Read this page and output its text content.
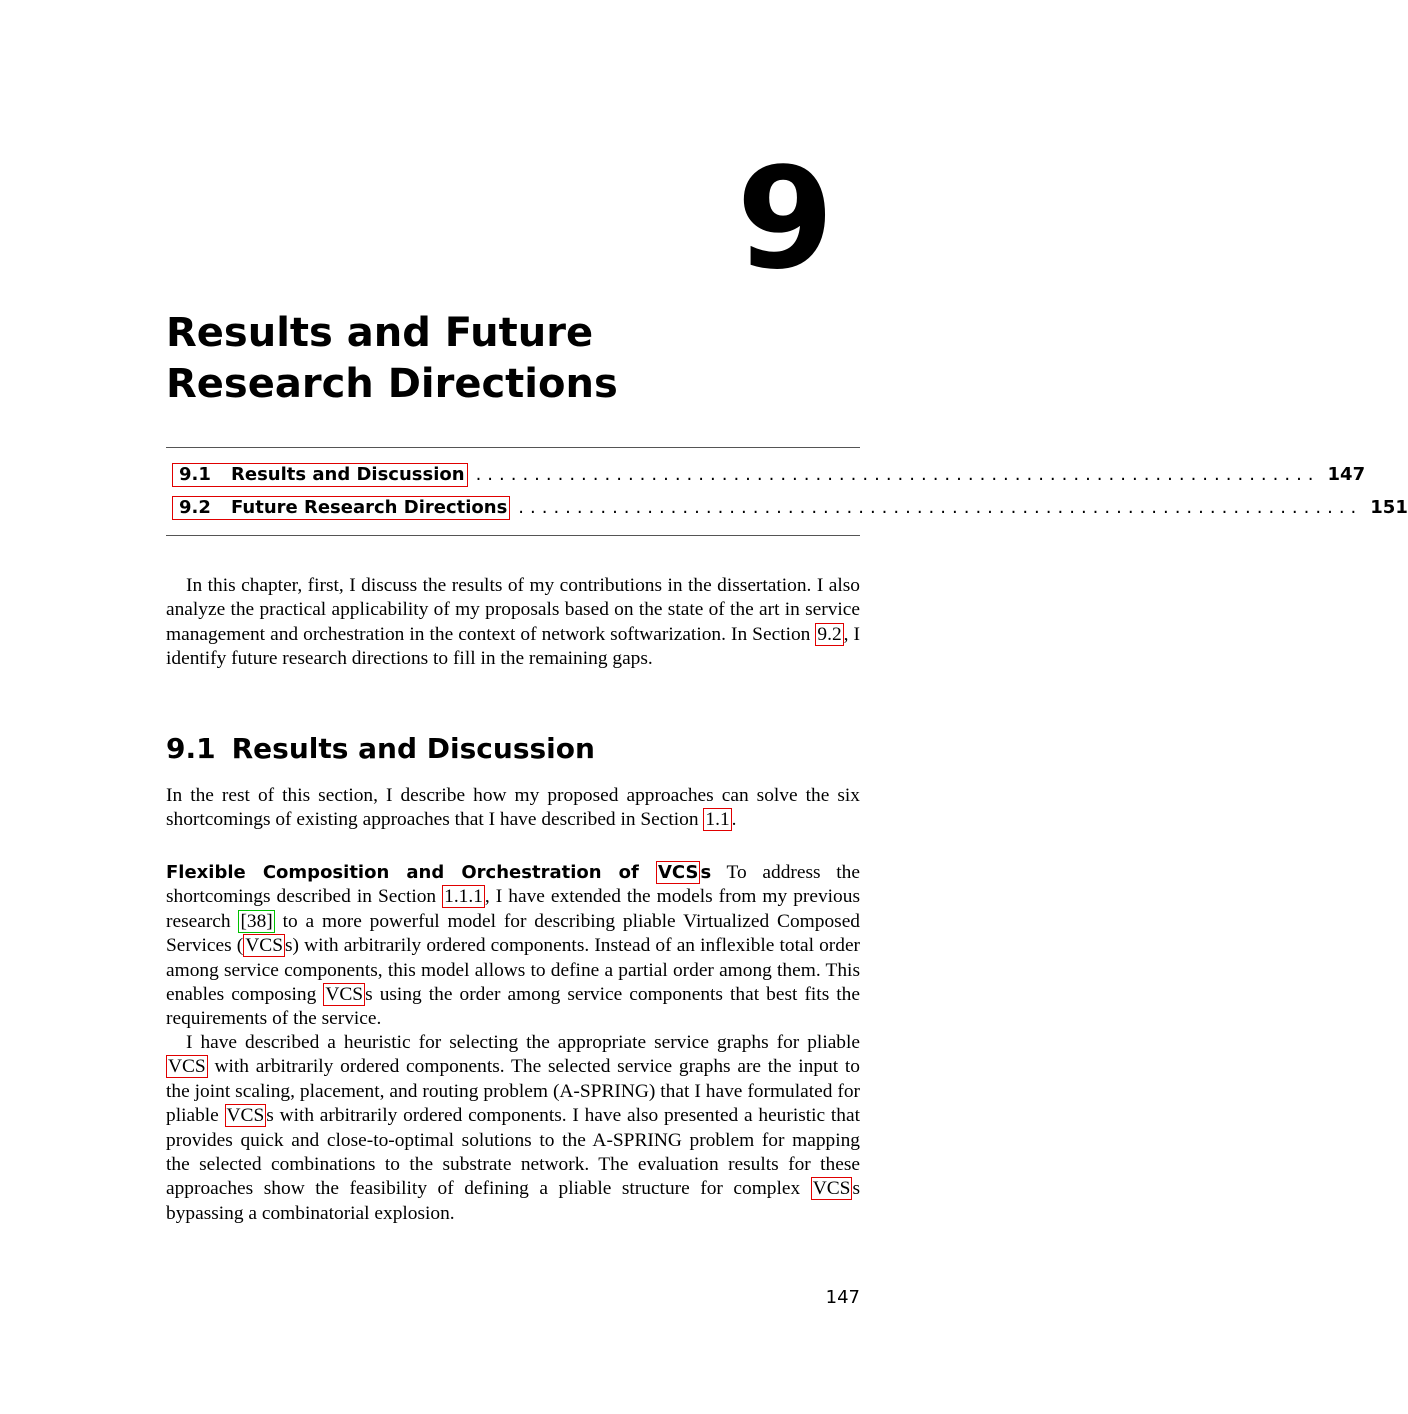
9
Results and Future Research Directions
9.1 Results and Discussion ........................................................................ 147
9.2 Future Research Directions ........................................................................ 151

In this chapter, first, I discuss the results of my contributions in the dissertation. I also analyze the practical applicability of my proposals based on the state of the art in service management and orchestration in the context of network softwarization. In Section 9.2 , I identify future research directions to fill in the remaining gaps.

9.1 Results and Discussion

In the rest of this section, I describe how my proposed approaches can solve the six shortcomings of existing approaches that I have described in Section 1.1 .

Flexible Composition and Orchestration of VCS s To address the shortcomings described in Section 1.1.1 , I have extended the models from my previous research [38] to a more powerful model for describing pliable Virtualized Composed Services ( VCS s) with arbitrarily ordered components. Instead of an inflexible total order among service components, this model allows to define a partial order among them. This enables composing VCS s using the order among service components that best fits the requirements of the service.

I have described a heuristic for selecting the appropriate service graphs for pliable VCS with arbitrarily ordered components. The selected service graphs are the input to the joint scaling, placement, and routing problem (A-SPRING) that I have formulated for pliable VCS s with arbitrarily ordered components. I have also presented a heuristic that provides quick and close-to-optimal solutions to the A-SPRING problem for mapping the selected combinations to the substrate network. The evaluation results for these approaches show the feasibility of defining a pliable structure for complex VCS s bypassing a combinatorial explosion.

147
